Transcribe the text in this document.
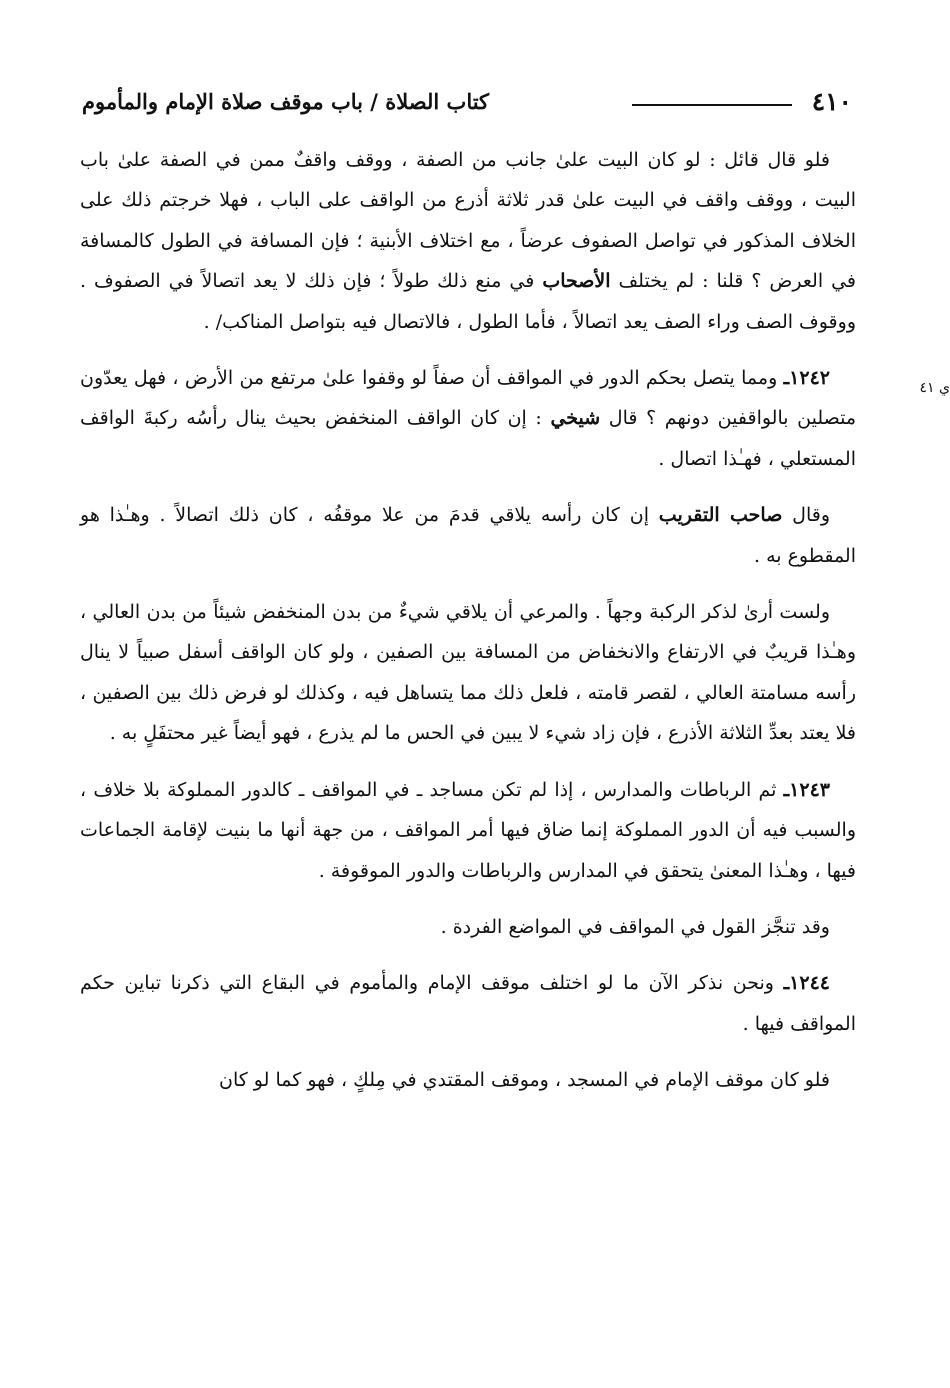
٤١٠
كتاب الصلاة / باب موقف صلاة الإمام والمأموم
ي ٤١

فلو قال قائل : لو كان البيت علىٰ جانب من الصفة ، ووقف واقفٌ ممن في الصفة علىٰ باب البيت ، ووقف واقف في البيت علىٰ قدر ثلاثة أذرع من الواقف على الباب ، فهلا خرجتم ذلك على الخلاف المذكور في تواصل الصفوف عرضاً ، مع اختلاف الأبنية ؛ فإن المسافة في الطول كالمسافة في العرض ؟ قلنا : لم يختلف الأصحاب في منع ذلك طولاً ؛ فإن ذلك لا يعد اتصالاً في الصفوف . ووقوف الصف وراء الصف يعد اتصالاً ، فأما الطول ، فالاتصال فيه بتواصل المناكب/ .

١٢٤٢ـ ومما يتصل بحكم الدور في المواقف أن صفاً لو وقفوا علىٰ مرتفع من الأرض ، فهل يعدّون متصلين بالواقفين دونهم ؟ قال شيخي : إن كان الواقف المنخفض بحيث ينال رأسُه ركبةَ الواقف المستعلي ، فهـٰذا اتصال .

وقال صاحب التقريب إن كان رأسه يلاقي قدمَ من علا موقفُه ، كان ذلك اتصالاً . وهـٰذا هو المقطوع به .

ولست أرىٰ لذكر الركبة وجهاً . والمرعي أن يلاقي شيءٌ من بدن المنخفض شيئاً من بدن العالي ، وهـٰذا قريبٌ في الارتفاع والانخفاض من المسافة بين الصفين ، ولو كان الواقف أسفل صبياً لا ينال رأسه مسامتة العالي ، لقصر قامته ، فلعل ذلك مما يتساهل فيه ، وكذلك لو فرض ذلك بين الصفين ، فلا يعتد بعدِّ الثلاثة الأذرع ، فإن زاد شيء لا يبين في الحس ما لم يذرع ، فهو أيضاً غير محتفَلٍ به .

١٢٤٣ـ ثم الرباطات والمدارس ، إذا لم تكن مساجد ـ في المواقف ـ كالدور المملوكة بلا خلاف ، والسبب فيه أن الدور المملوكة إنما ضاق فيها أمر المواقف ، من جهة أنها ما بنيت لإقامة الجماعات فيها ، وهـٰذا المعنىٰ يتحقق في المدارس والرباطات والدور الموقوفة .

وقد تنجَّز القول في المواقف في المواضع الفردة .

١٢٤٤ـ ونحن نذكر الآن ما لو اختلف موقف الإمام والمأموم في البقاع التي ذكرنا تباين حكم المواقف فيها .

فلو كان موقف الإمام في المسجد ، وموقف المقتدي في مِلكٍ ، فهو كما لو كان
